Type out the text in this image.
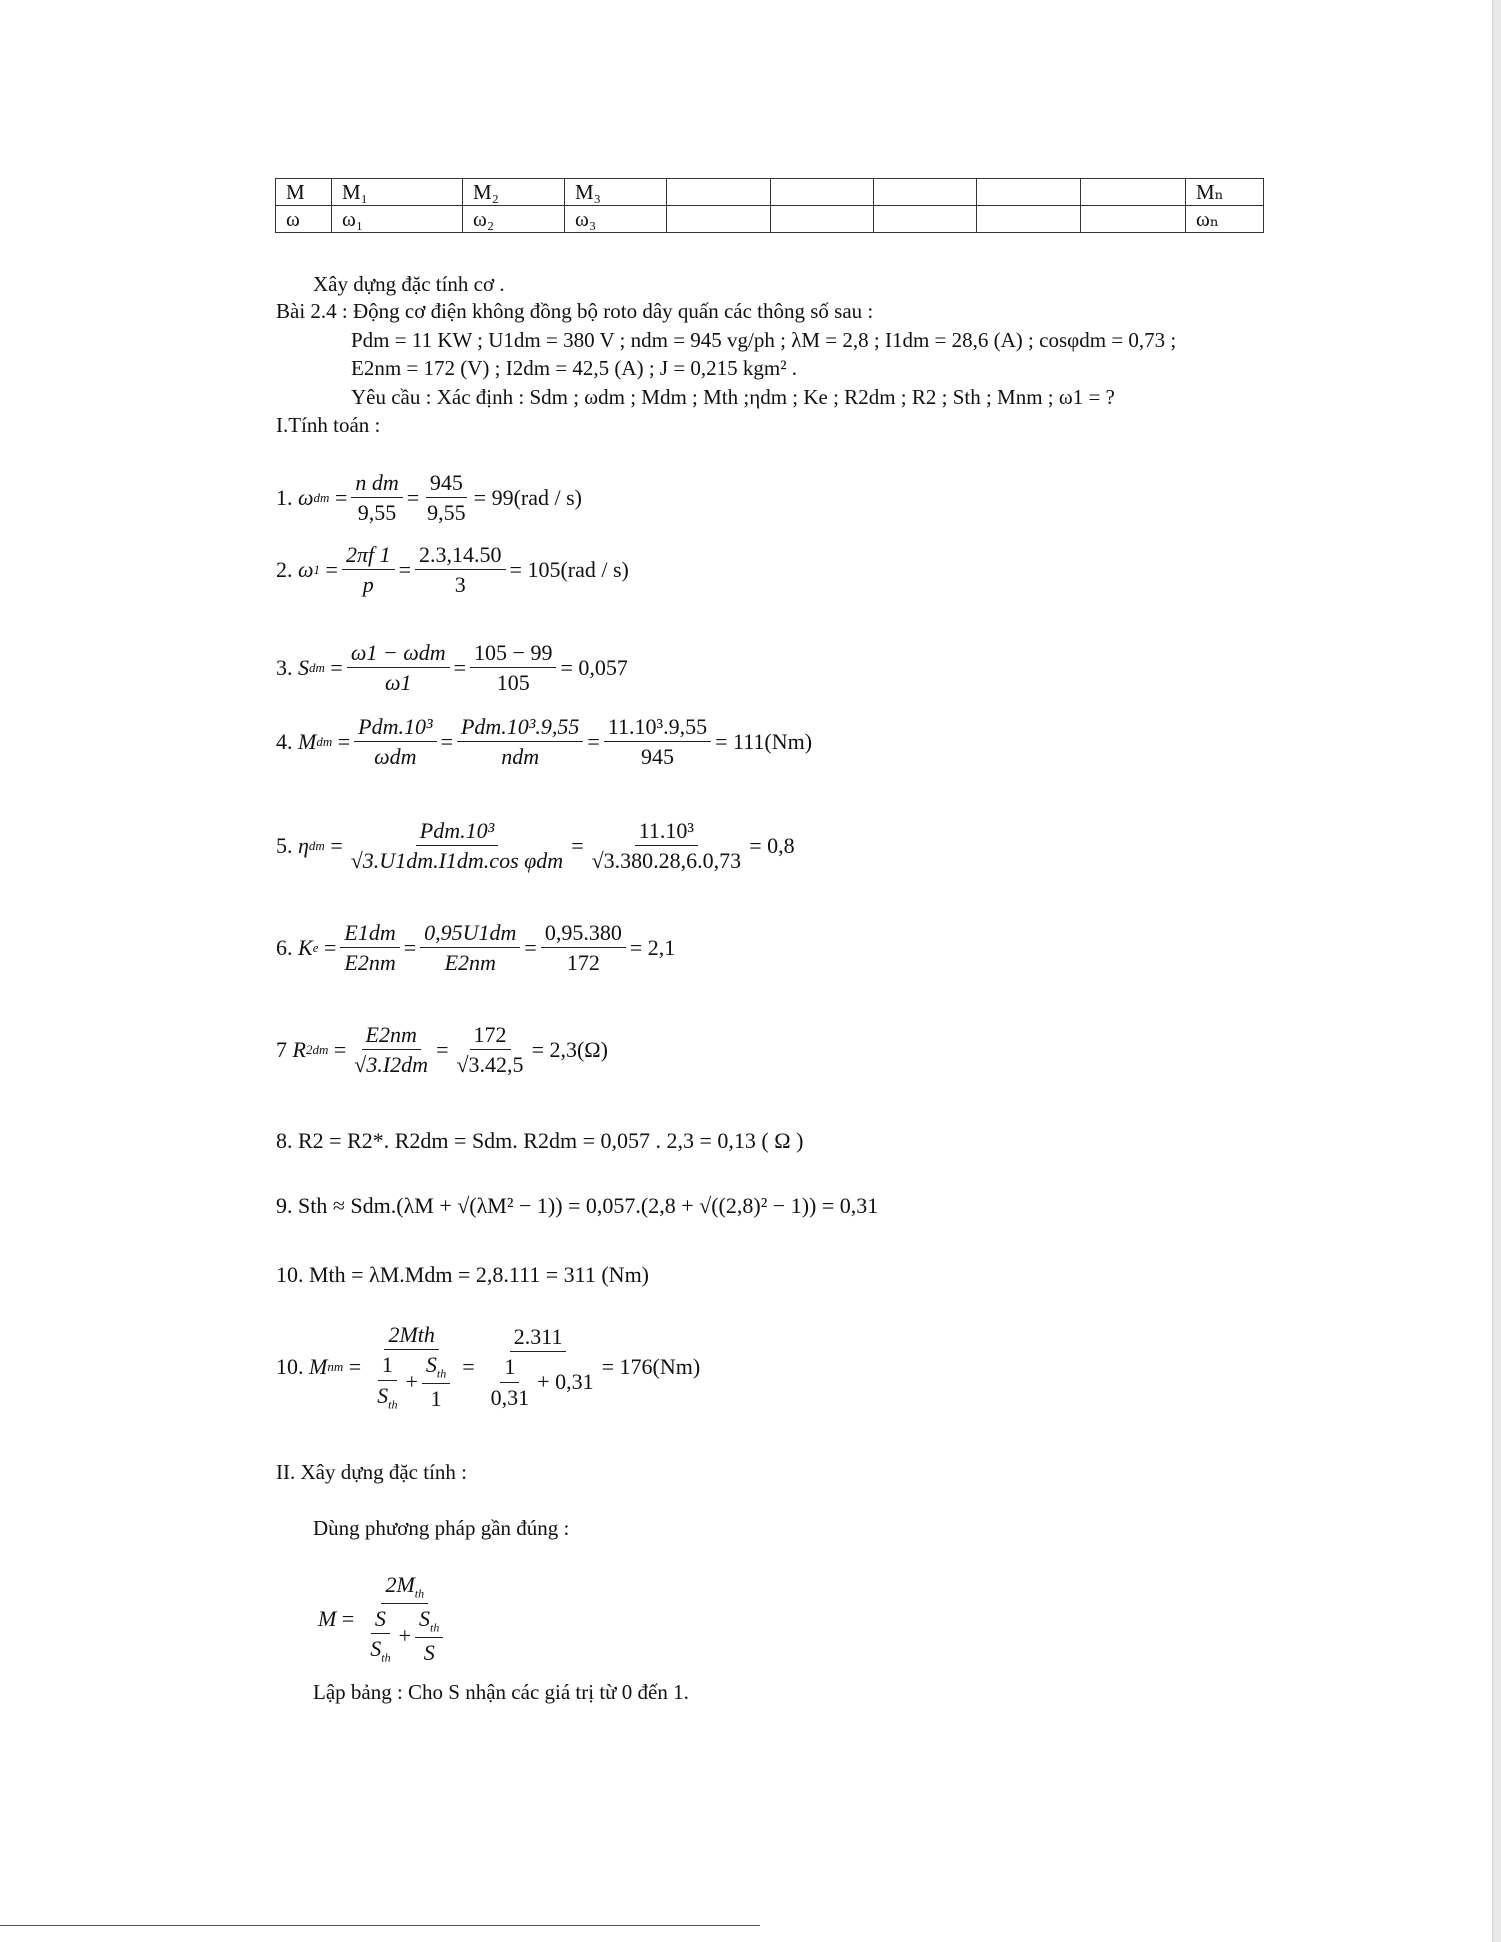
M	M₁	M₂	M₃						Mₙ
ω	ω₁	ω₂	ω₃						ωₙ
Xây dựng đặc tính cơ .
Bài 2.4 : Động cơ điện không đồng bộ roto dây quấn các thông số sau :
Pdm = 11 KW ; U1dm = 380 V ; ndm = 945 vg/ph ; λM = 2,8 ; I1dm = 28,6 (A) ; cosφdm = 0,73 ;
E2nm = 172 (V) ; I2dm = 42,5 (A) ; J = 0,215 kgm² .
Yêu cầu : Xác định : Sdm ; ωdm ; Mdm ; Mth ;ηdm ; Ke ; R2dm ; R2 ; Sth ; Mnm ; ω1 = ?
I.Tính toán :
1.
ω dm = $\frac{\text{n dm}}{9,55} = \frac{945}{9,55} = 99(rad / s)$
2.
ω $1 = \frac{2\pi f 1}{p} = \frac{2.3,14.50}{3} = 105(rad / s)$
3.
S dm = $\frac{\text{ω1 − ωdm}}{\omega 1} = \frac{105 - 99}{105} = 0,057$
4.
M dm = $\frac{\text{Pdm.10³}}{\text{ωdm}} = \frac{\text{Pdm.10³.9,55}}{\text{ndm}} = \frac{\text{11.10³.9,55}}{945} = 111(Nm)$
5.
η dm = $\frac{\text{Pdm.10³}}{\text{√3.U1dm.I1dm.cos φdm}} = \frac{\text{11.10³}}{√3.380.28,6.0,73} = 0,8$
6.
K $e = \frac{E1dm}{E2nm} = \frac{0,95U1dm}{E2nm} = \frac{0,95.380}{172} = 2,1$
7
R $2dm = \frac{E2nm}{√3.I2dm} = \frac{172}{√3.42,5} = 2,3(\Omega)$
8. R2 = R2*. R2dm = Sdm. R2dm = 0,057 . 2,3 = 0,13 ( Ω )
9. Sth ≈ Sdm.(λM + √(λM² − 1)) = 0,057.(2,8 + √((2,8)² − 1)) = 0,31
10. Mth = λM.Mdm = 2,8.111 = 311 (Nm)
10.
M nm = $\frac{\text{2Mth}}{\frac{1}{S_{th}} + \frac{S_{th}}{1}} = \frac{2.311}{\frac{1}{0,31} + 0,31} = 176(Nm)$
II. Xây dựng đặc tính :
Dùng phương pháp gần đúng :
$M = \frac{2M_{th}}{\frac{S}{S_{th}} + \frac{S_{th}}{S}}$
Lập bảng : Cho S nhận các giá trị từ 0 đến 1.
